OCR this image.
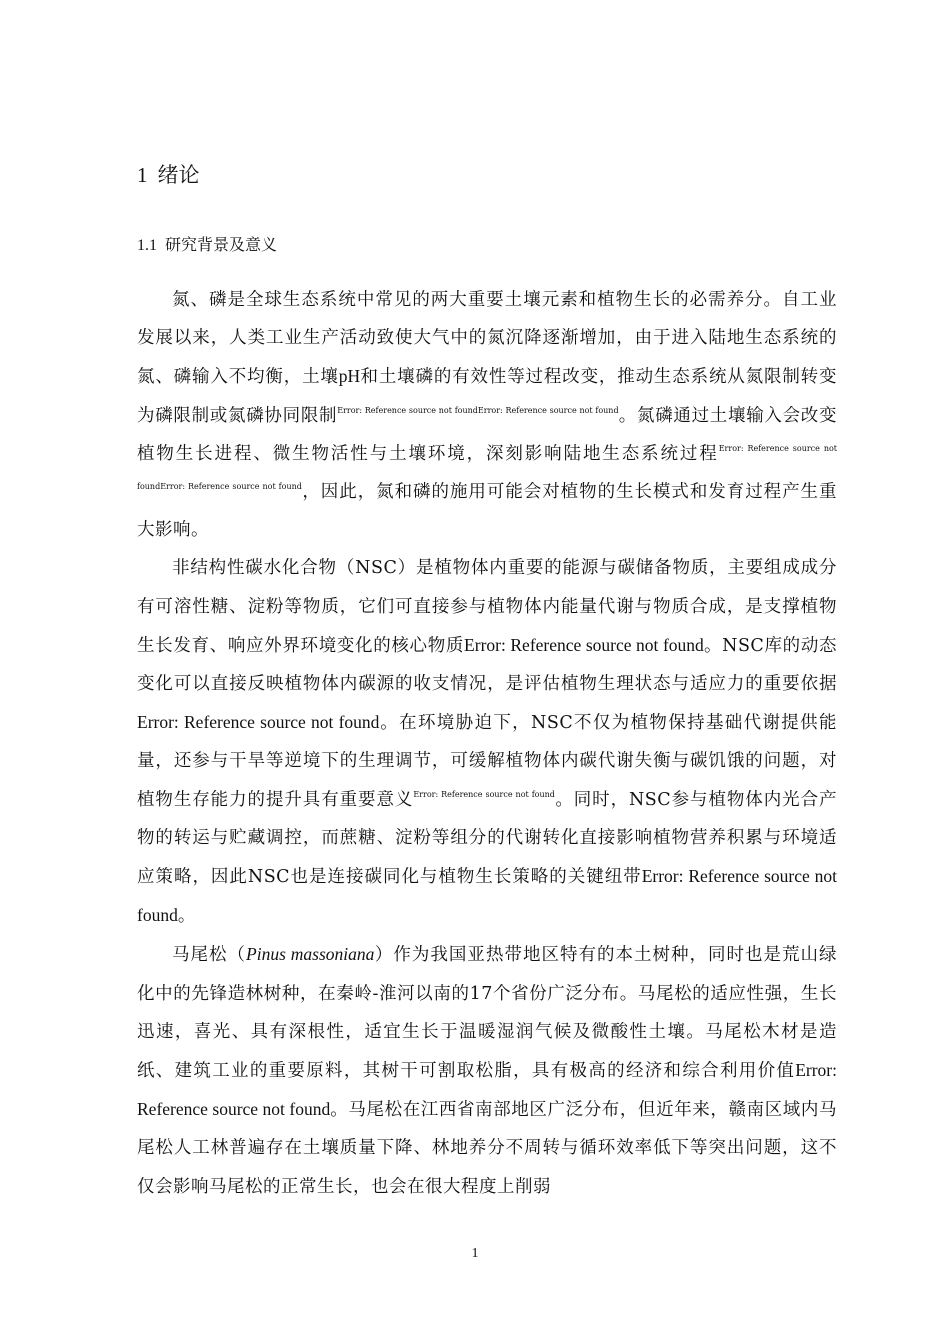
1 绪论
1.1 研究背景及意义

氮、磷是全球生态系统中常见的两大重要土壤元素和植物生长的必需养分。自工业发展以来，人类工业生产活动致使大气中的氮沉降逐渐增加，由于进入陆地生态系统的氮、磷输入不均衡，土壤pH和土壤磷的有效性等过程改变，推动生态系统从氮限制转变为磷限制或氮磷协同限制$^{Error: Reference source not foundError: Reference source not found}$。氮磷通过土壤输入会改变植物生长进程、微生物活性与土壤环境，深刻影响陆地生态系统过程$^{Error: Reference source not foundError: Reference source not found}$，因此，氮和磷的施用可能会对植物的生长模式和发育过程产生重大影响。

非结构性碳水化合物（NSC）是植物体内重要的能源与碳储备物质，主要组成成分有可溶性糖、淀粉等物质，它们可直接参与植物体内能量代谢与物质合成，是支撑植物生长发育、响应外界环境变化的核心物质Error: Reference source not found。NSC库的动态变化可以直接反映植物体内碳源的收支情况，是评估植物生理状态与适应力的重要依据Error: Reference source not found。在环境胁迫下，NSC不仅为植物保持基础代谢提供能量，还参与干旱等逆境下的生理调节，可缓解植物体内碳代谢失衡与碳饥饿的问题，对植物生存能力的提升具有重要意义$^{Error: Reference source not found}$。同时，NSC参与植物体内光合产物的转运与贮藏调控，而蔗糖、淀粉等组分的代谢转化直接影响植物营养积累与环境适应策略，因此NSC也是连接碳同化与植物生长策略的关键纽带Error: Reference source not found。

马尾松（Pinus massoniana）作为我国亚热带地区特有的本土树种，同时也是荒山绿化中的先锋造林树种，在秦岭-淮河以南的17个省份广泛分布。马尾松的适应性强，生长迅速，喜光、具有深根性，适宜生长于温暖湿润气候及微酸性土壤。马尾松木材是造纸、建筑工业的重要原料，其树干可割取松脂，具有极高的经济和综合利用价值Error: Reference source not found。马尾松在江西省南部地区广泛分布，但近年来，赣南区域内马尾松人工林普遍存在土壤质量下降、林地养分不周转与循环效率低下等突出问题，这不仅会影响马尾松的正常生长，也会在很大程度上削弱

1
